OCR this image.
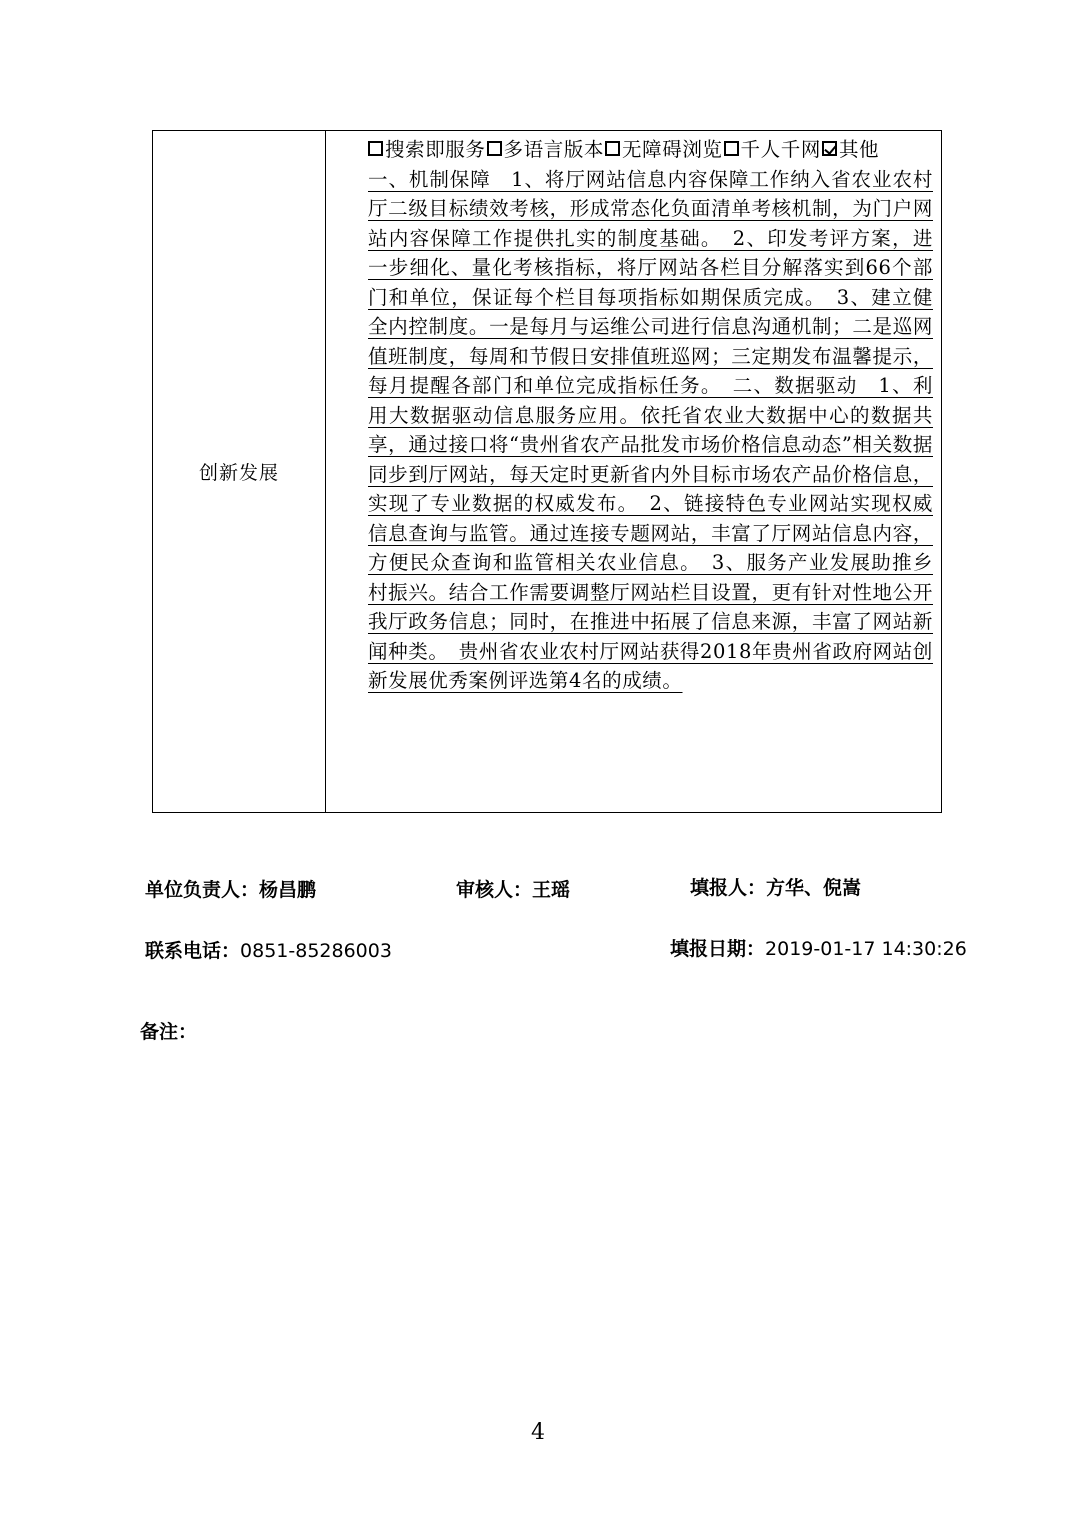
创新发展
搜索即服务 多语言版本 无障碍浏览 千人千网 其他
一、机制保障　1、将厅网站信息内容保障工作纳入省农业农村厅二级目标绩效考核，形成常态化负面清单考核机制，为门户网站内容保障工作提供扎实的制度基础。　2、印发考评方案，进一步细化、量化考核指标，将厅网站各栏目分解落实到66个部门和单位，保证每个栏目每项指标如期保质完成。　3、建立健全内控制度。一是每月与运维公司进行信息沟通机制；二是巡网值班制度，每周和节假日安排值班巡网；三定期发布温馨提示，每月提醒各部门和单位完成指标任务。　二、数据驱动　1、利用大数据驱动信息服务应用。依托省农业大数据中心的数据共享，通过接口将“贵州省农产品批发市场价格信息动态”相关数据同步到厅网站，每天定时更新省内外目标市场农产品价格信息，实现了专业数据的权威发布。　2、链接特色专业网站实现权威信息查询与监管。通过连接专题网站，丰富了厅网站信息内容，方便民众查询和监管相关农业信息。　3、服务产业发展助推乡村振兴。结合工作需要调整厅网站栏目设置，更有针对性地公开我厅政务信息；同时，在推进中拓展了信息来源，丰富了网站新闻种类。　贵州省农业农村厅网站获得2018年贵州省政府网站创新发展优秀案例评选第4名的成绩。
单位负责人：杨昌鹏	审核人：王瑶	填报人：方华、倪嵩
联系电话：0851-85286003	填报日期：2019-01-17 14:30:26
备注：
4
